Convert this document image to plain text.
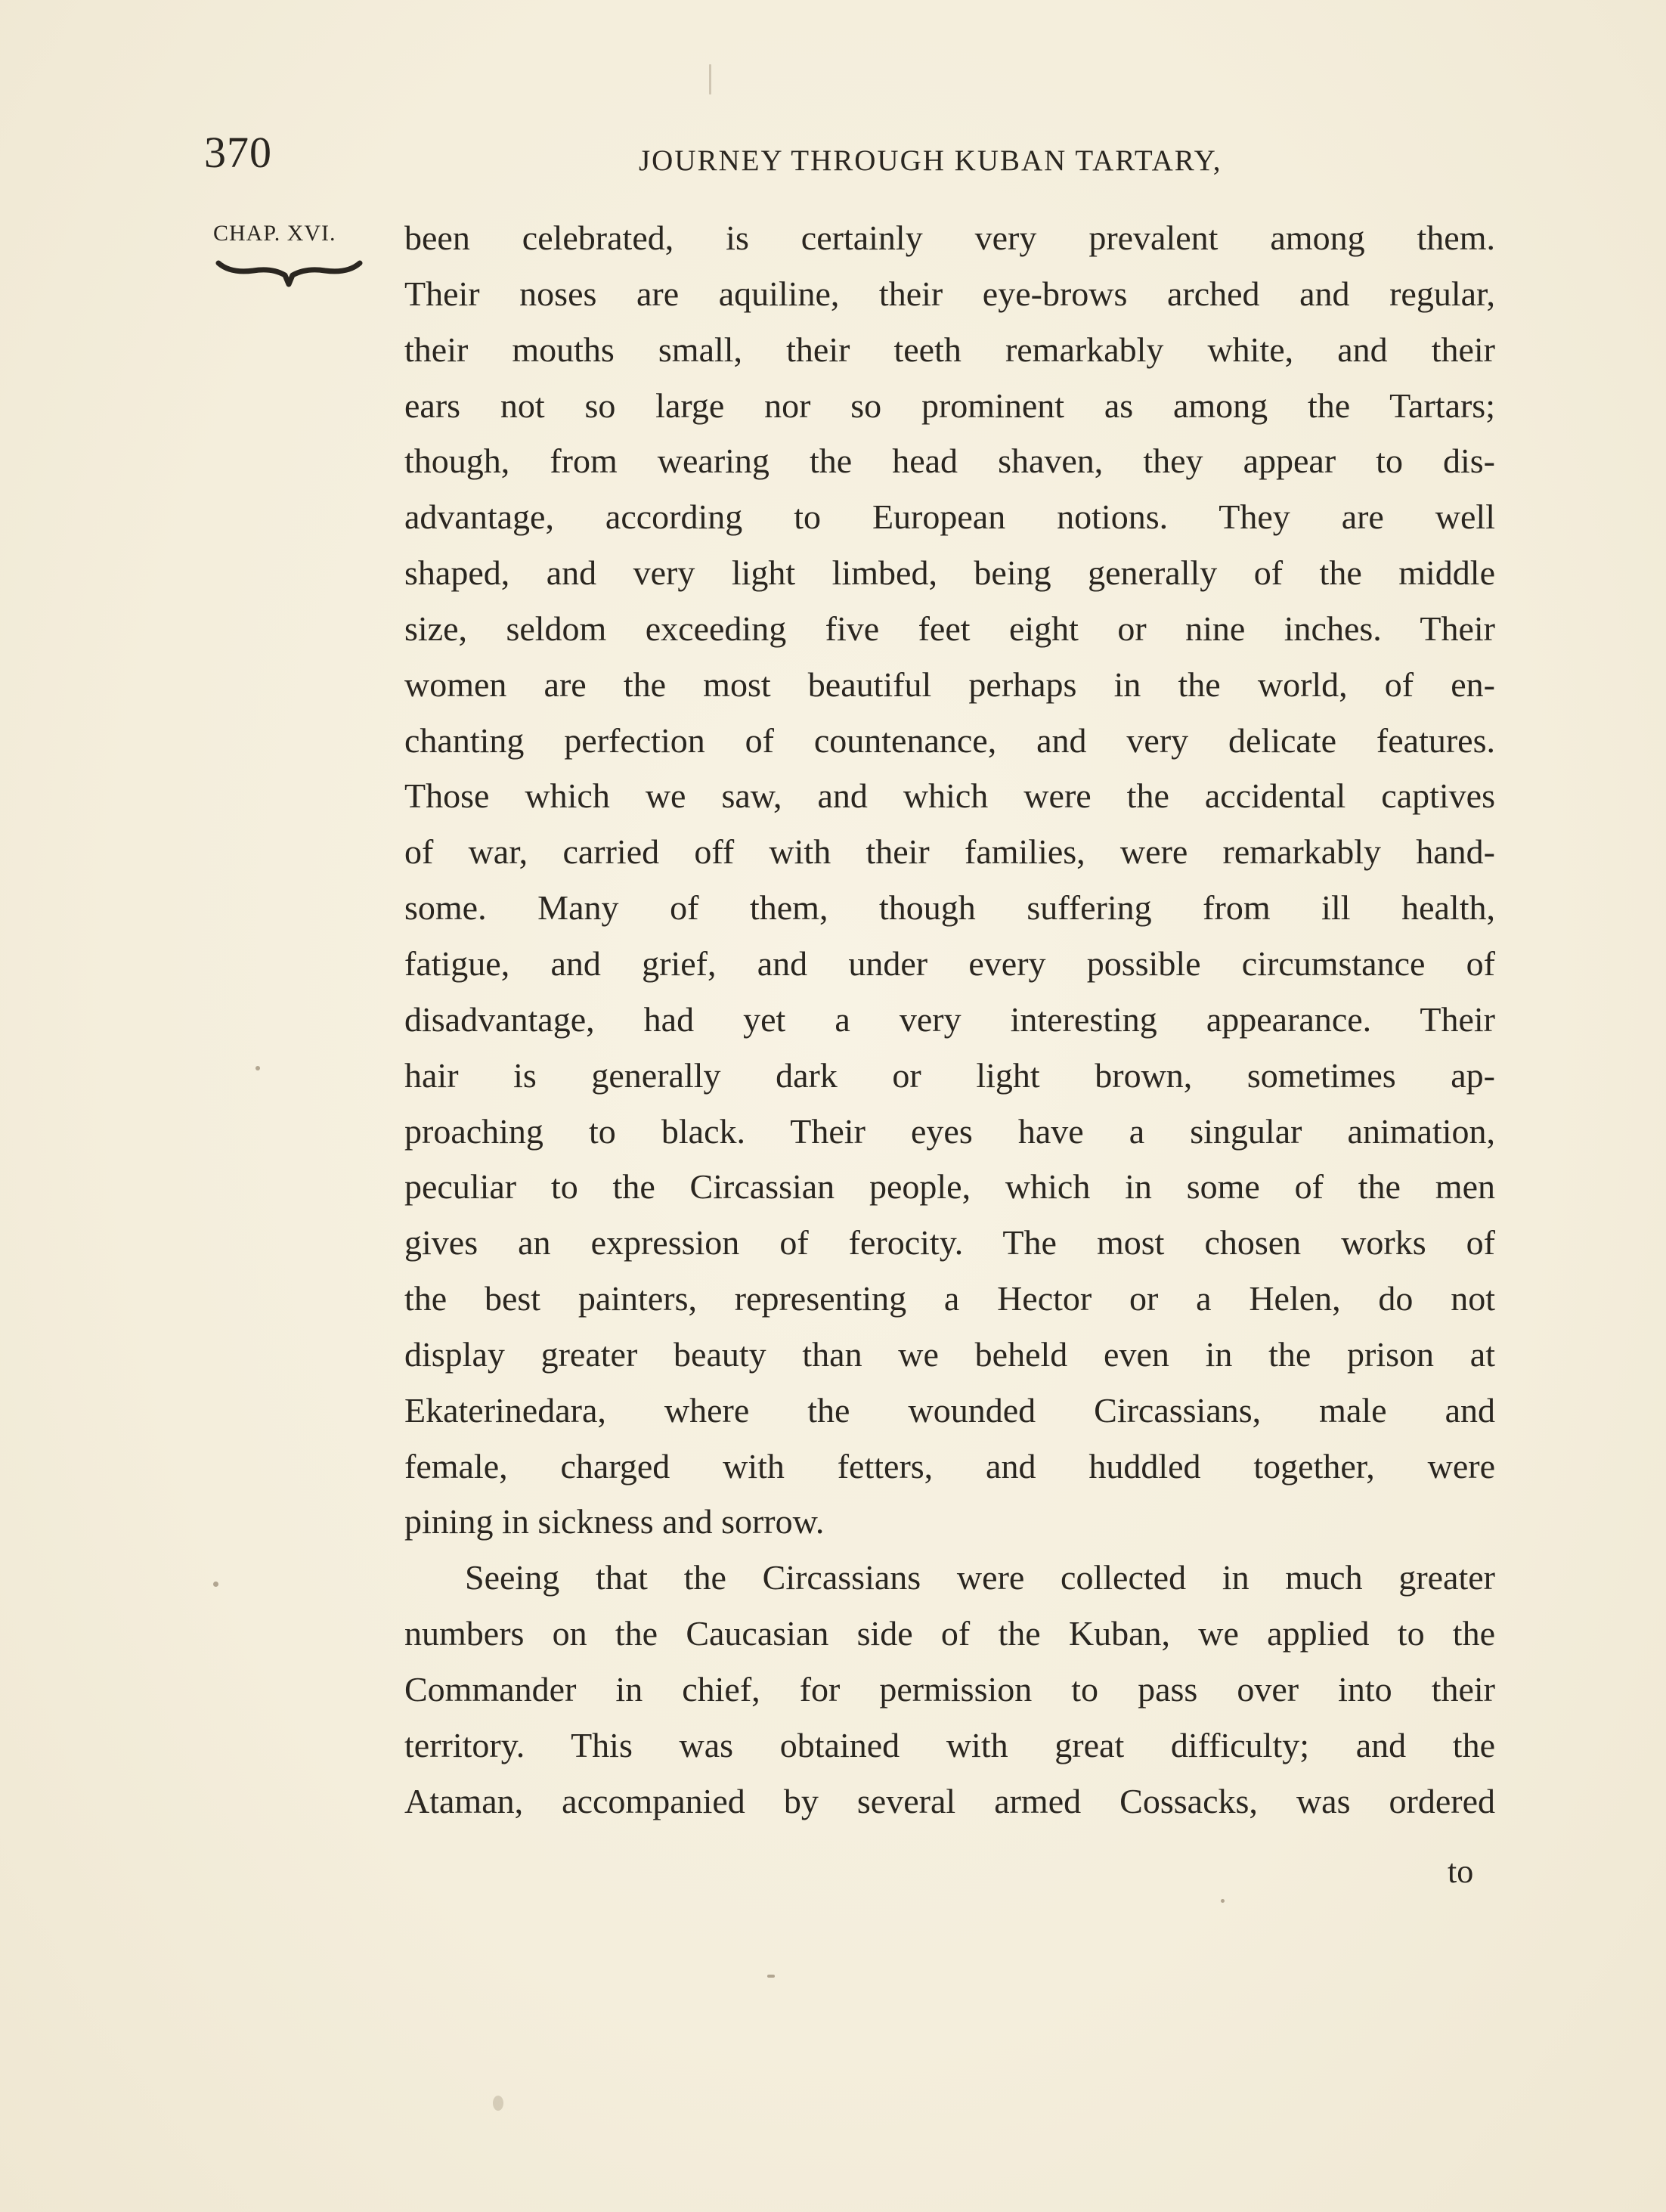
370	JOURNEY THROUGH KUBAN TARTARY,
CHAP. XVI. been celebrated, is certainly very prevalent among them.
Their noses are aquiline, their eye-brows arched and regular,
their mouths small, their teeth remarkably white, and their
ears not so large nor so prominent as among the Tartars;
though, from wearing the head shaven, they appear to dis-
advantage, according to European notions. They are well
shaped, and very light limbed, being generally of the middle
size, seldom exceeding five feet eight or nine inches. Their
women are the most beautiful perhaps in the world, of en-
chanting perfection of countenance, and very delicate features.
Those which we saw, and which were the accidental captives
of war, carried off with their families, were remarkably hand-
some. Many of them, though suffering from ill health,
fatigue, and grief, and under every possible circumstance of
disadvantage, had yet a very interesting appearance. Their
hair is generally dark or light brown, sometimes ap-
proaching to black. Their eyes have a singular animation,
peculiar to the Circassian people, which in some of the men
gives an expression of ferocity. The most chosen works of
the best painters, representing a Hector or a Helen, do not
display greater beauty than we beheld even in the prison at
Ekaterinedara, where the wounded Circassians, male and
female, charged with fetters, and huddled together, were
pining in sickness and sorrow.
Seeing that the Circassians were collected in much greater
numbers on the Caucasian side of the Kuban, we applied to the
Commander in chief, for permission to pass over into their
territory. This was obtained with great difficulty; and the
Ataman, accompanied by several armed Cossacks, was ordered
to
